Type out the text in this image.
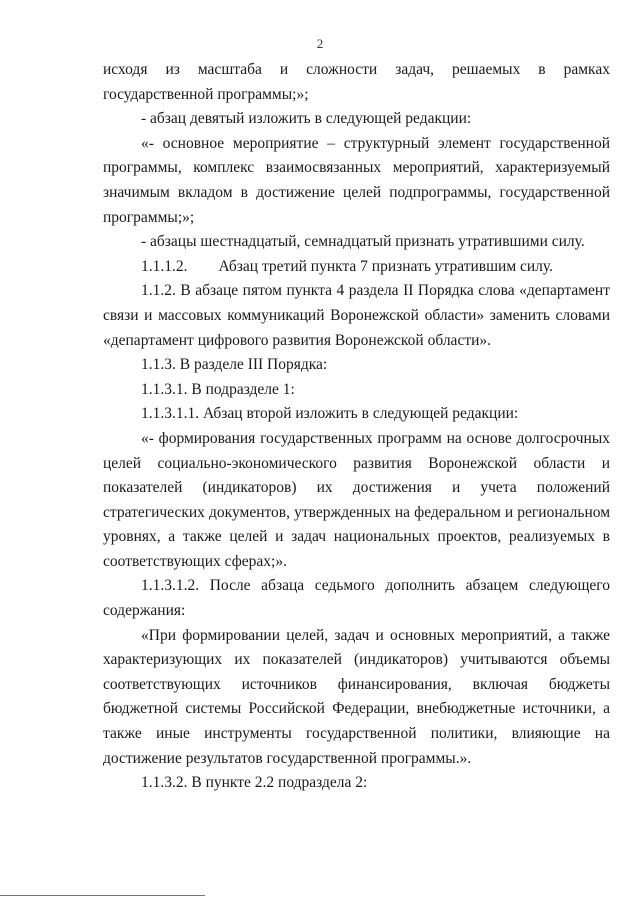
2

исходя из масштаба и сложности задач, решаемых в рамках государственной программы;»;

- абзац девятый изложить в следующей редакции:

«- основное мероприятие – структурный элемент государственной программы, комплекс взаимосвязанных мероприятий, характеризуемый значимым вкладом в достижение целей подпрограммы, государственной программы;»;

- абзацы шестнадцатый, семнадцатый признать утратившими силу.

1.1.1.2.        Абзац третий пункта 7 признать утратившим силу.

1.1.2. В абзаце пятом пункта 4 раздела II Порядка слова «департамент связи и массовых коммуникаций Воронежской области» заменить словами «департамент цифрового развития Воронежской области».

1.1.3. В разделе III Порядка:

1.1.3.1. В подразделе 1:

1.1.3.1.1. Абзац второй изложить в следующей редакции:

«- формирования государственных программ на основе долгосрочных целей социально-экономического развития Воронежской области и показателей (индикаторов) их достижения и учета положений стратегических документов, утвержденных на федеральном и региональном уровнях, а также целей и задач национальных проектов, реализуемых в соответствующих сферах;».

1.1.3.1.2. После абзаца седьмого дополнить абзацем следующего содержания:

«При формировании целей, задач и основных мероприятий, а также характеризующих их показателей (индикаторов) учитываются объемы соответствующих источников финансирования, включая бюджеты бюджетной системы Российской Федерации, внебюджетные источники, а также иные инструменты государственной политики, влияющие на достижение результатов государственной программы.».

1.1.3.2. В пункте 2.2 подраздела 2:
